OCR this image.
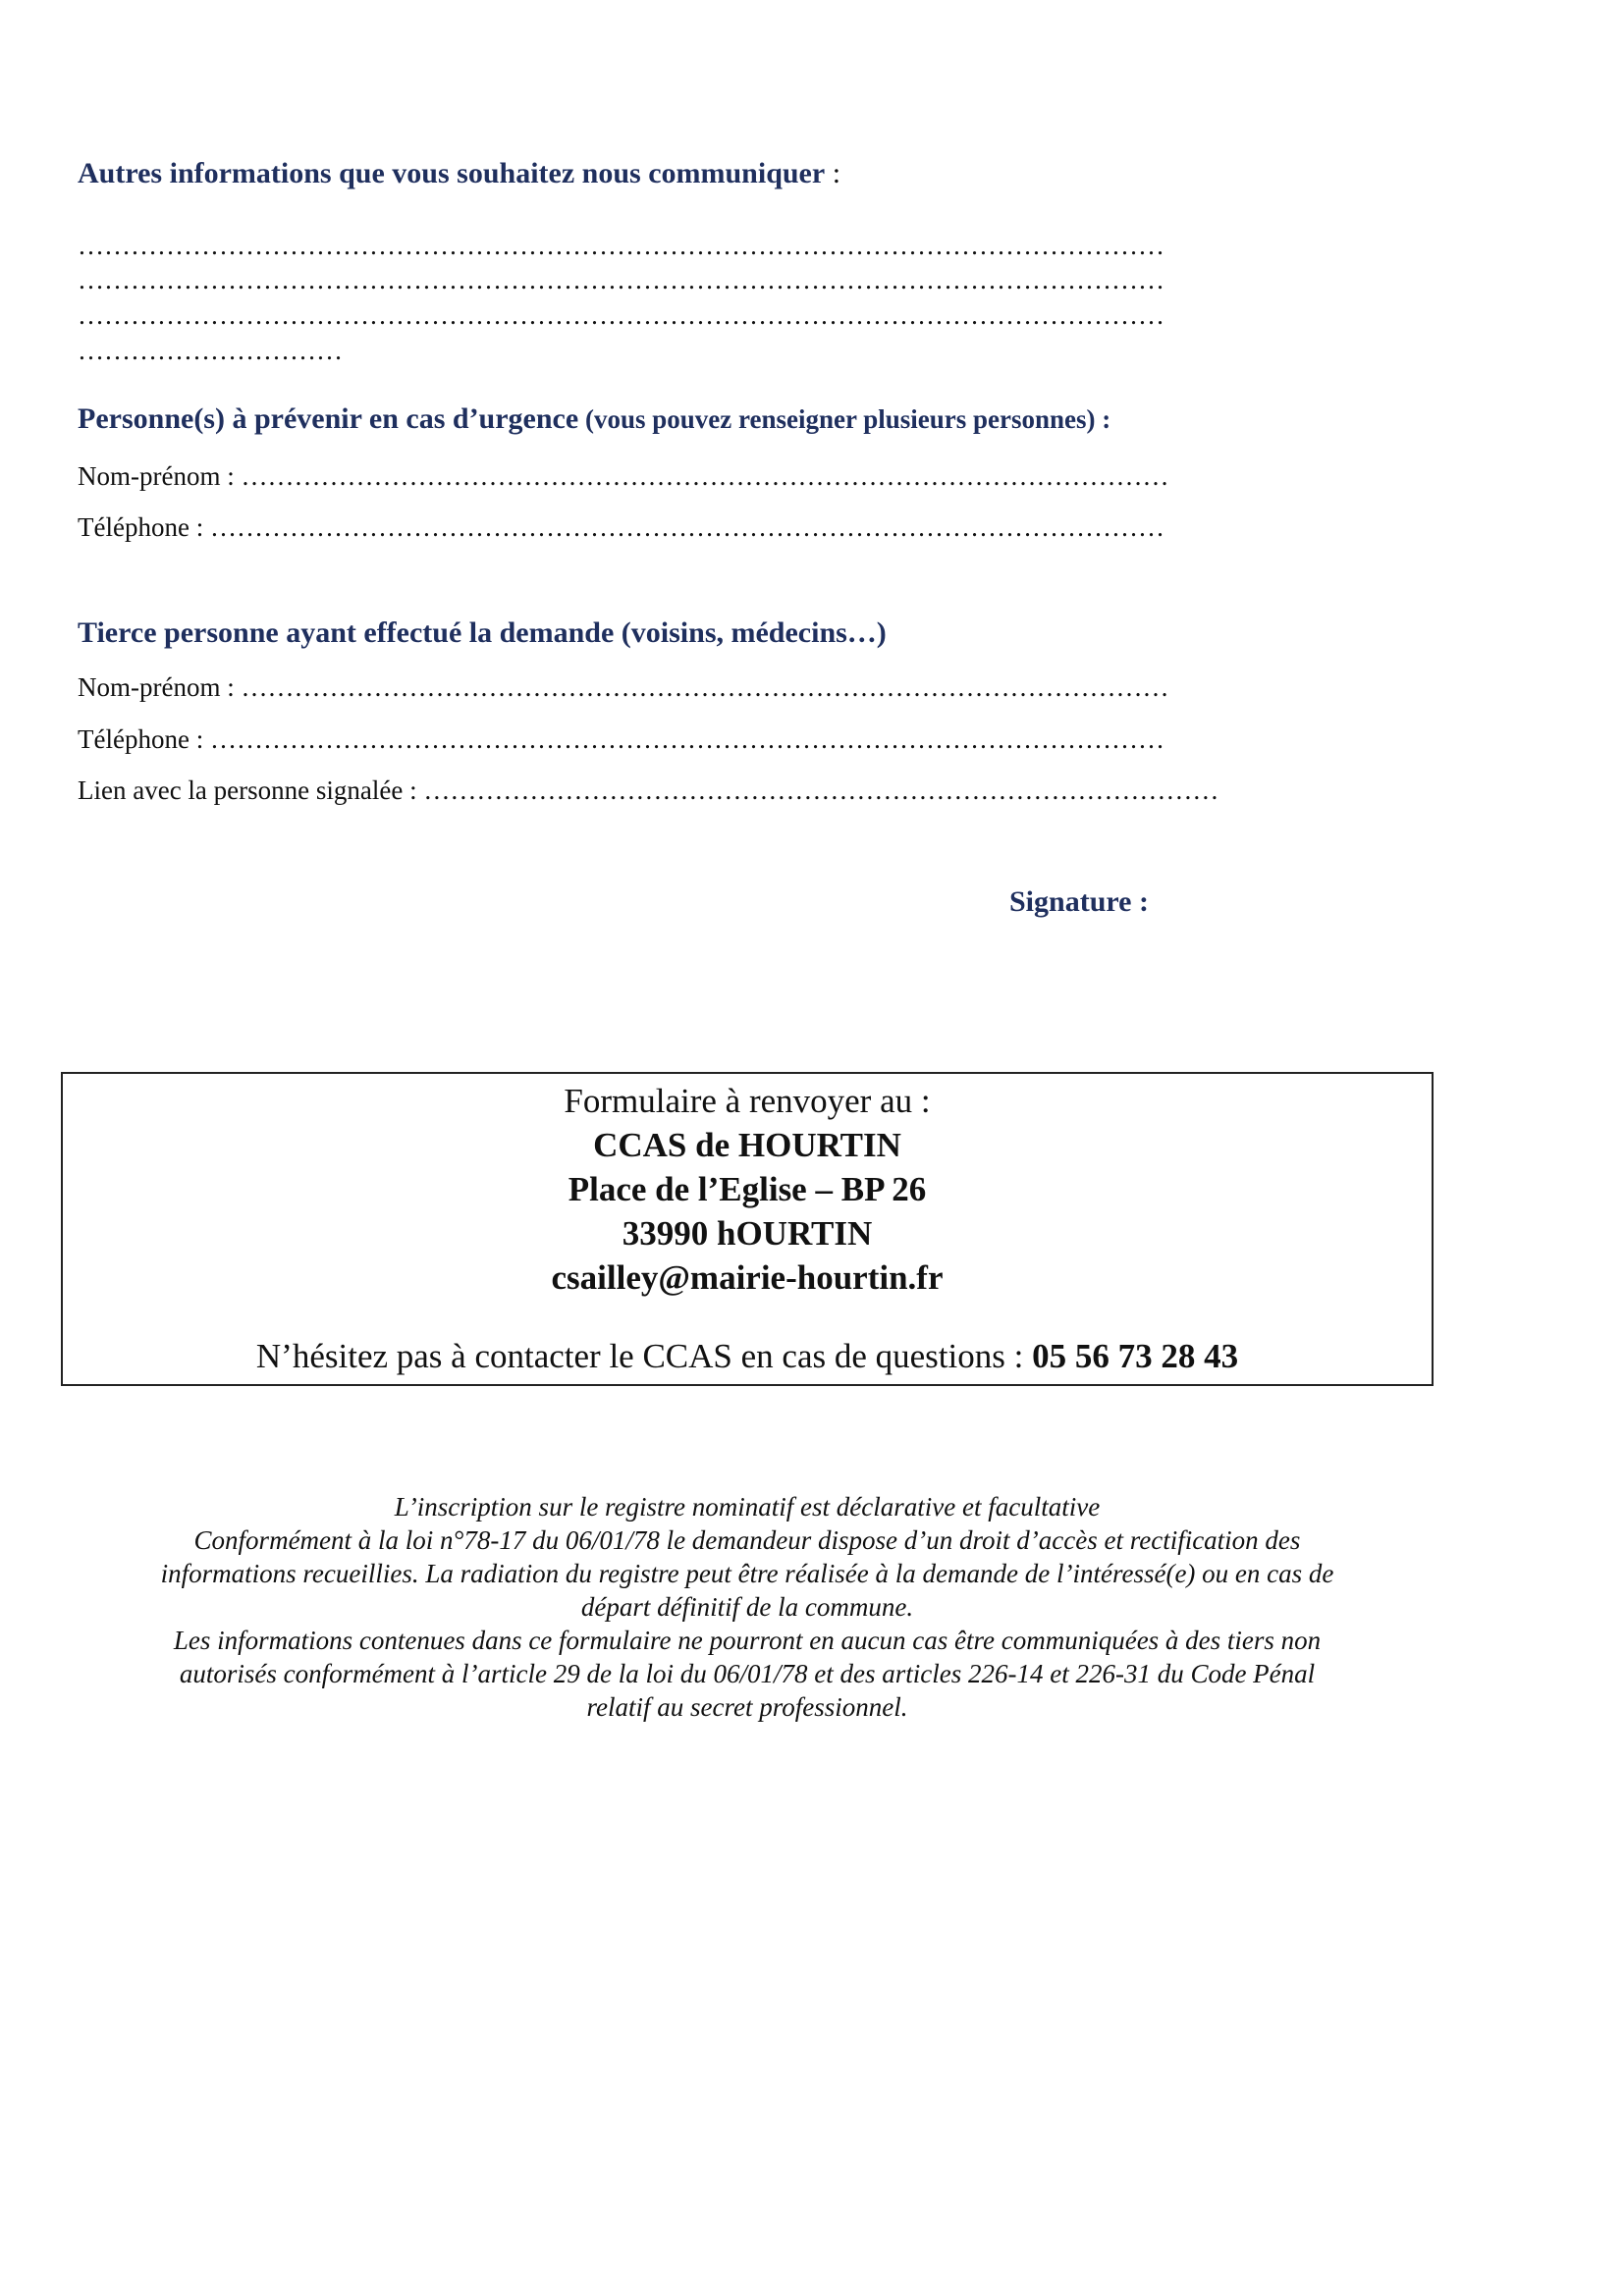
Autres informations que vous souhaitez nous communiquer :
……………………………………………………………………………………………………………
……………………………………………………………………………………………………………
……………………………………………………………………………………………………………
…………………………
Personne(s) à prévenir en cas d’urgence (vous pouvez renseigner plusieurs personnes) :
Nom-prénom : ……………………………………………………………………………………………
Téléphone : ………………………………………………………………………………………………
Tierce personne ayant effectué la demande (voisins, médecins…)
Nom-prénom : ……………………………………………………………………………………………
Téléphone : ………………………………………………………………………………………………
Lien avec la personne signalée : ………………………………………………………………………………
Signature :
Formulaire à renvoyer au :
CCAS de HOURTIN
Place de l’Eglise – BP 26
33990 hOURTIN
csailley@mairie-hourtin.fr
N’hésitez pas à contacter le CCAS en cas de questions : 05 56 73 28 43
L’inscription sur le registre nominatif est déclarative et facultative
Conformément à la loi n°78-17 du 06/01/78 le demandeur dispose d’un droit d’accès et rectification des
informations recueillies. La radiation du registre peut être réalisée à la demande de l’intéressé(e) ou en cas de
départ définitif de la commune.
Les informations contenues dans ce formulaire ne pourront en aucun cas être communiquées à des tiers non
autorisés conformément à l’article 29 de la loi du 06/01/78 et des articles 226-14 et 226-31 du Code Pénal
relatif au secret professionnel.
